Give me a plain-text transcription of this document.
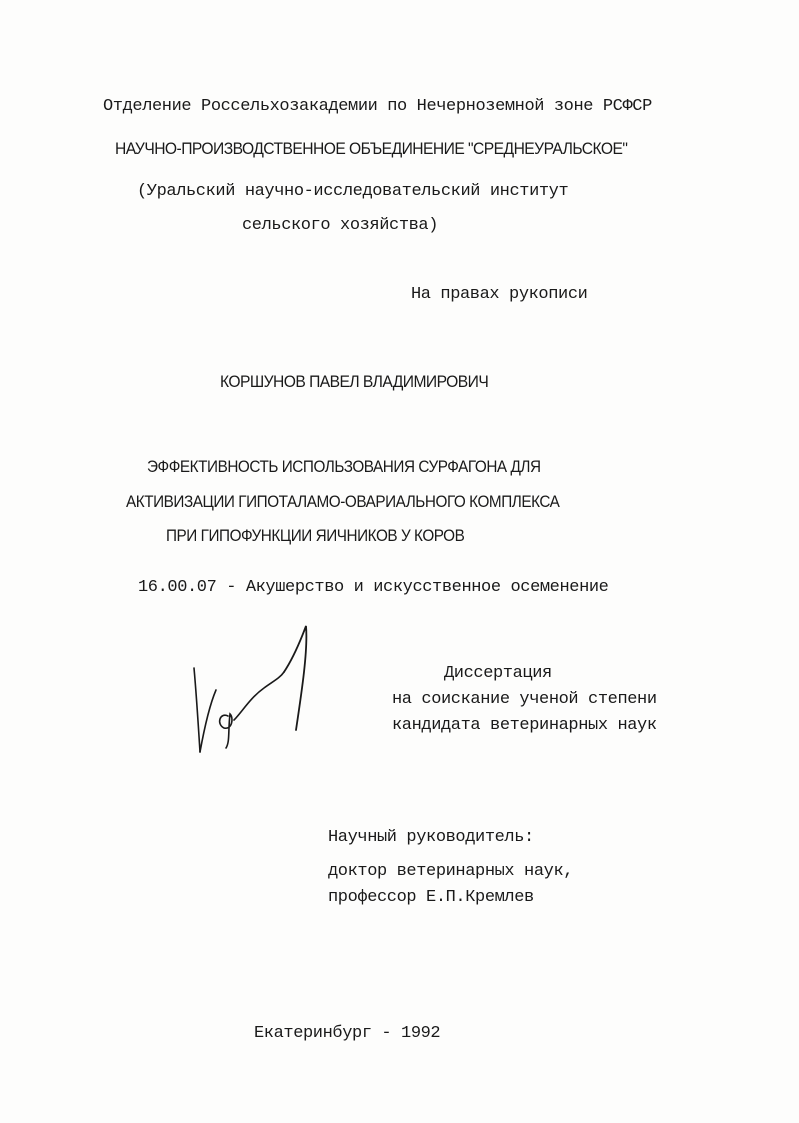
Отделение Россельхозакадемии по Нечерноземной зоне РСФСР
НАУЧНО-ПРОИЗВОДСТВЕННОЕ ОБЪЕДИНЕНИЕ "СРЕДНЕУРАЛЬСКОЕ"
(Уральский научно-исследовательский институт
сельского хозяйства)
На правах рукописи
КОРШУНОВ ПАВЕЛ ВЛАДИМИРОВИЧ
ЭФФЕКТИВНОСТЬ ИСПОЛЬЗОВАНИЯ СУРФАГОНА ДЛЯ
АКТИВИЗАЦИИ ГИПОТАЛАМО-ОВАРИАЛЬНОГО КОМПЛЕКСА
ПРИ ГИПОФУНКЦИИ ЯИЧНИКОВ У КОРОВ
16.00.07 - Акушерство и искусственное осеменение
Диссертация
на соискание ученой степени
кандидата ветеринарных наук
Научный руководитель:
доктор ветеринарных наук,
профессор Е.П.Кремлев
Екатеринбург - 1992
